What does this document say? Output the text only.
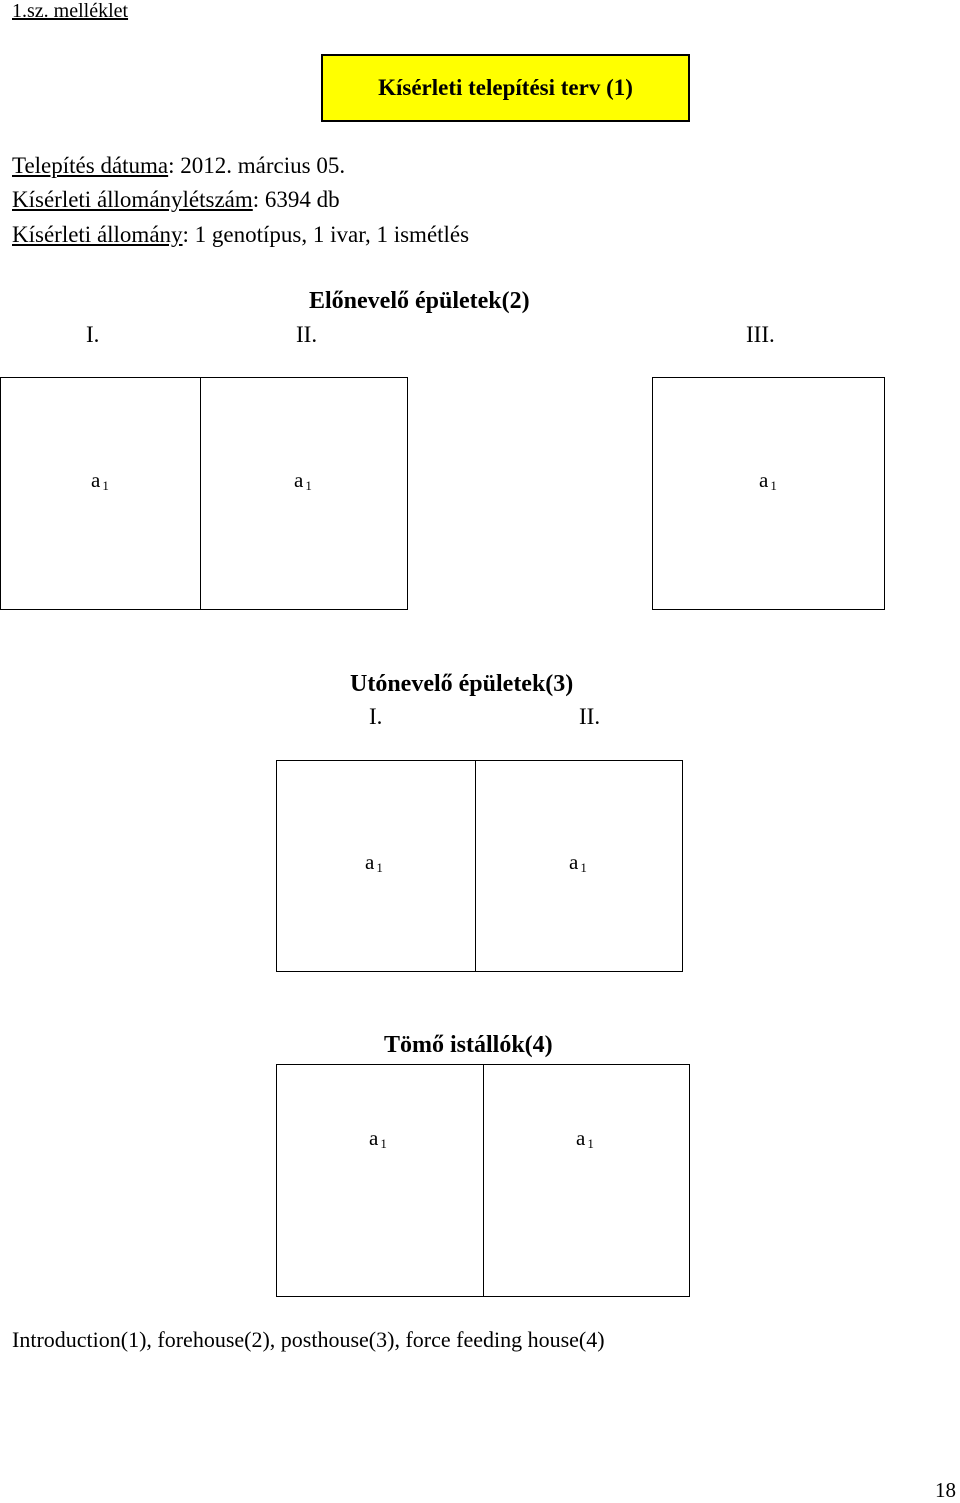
1.sz. melléklet
Kísérleti telepítési terv (1)
Telepítés dátuma: 2012. március 05.
Kísérleti állománylétszám: 6394 db
Kísérleti állomány: 1 genotípus, 1 ivar, 1 ismétlés
Előnevelő épületek(2)
I.	II.	III.
a $_1$	a $_1$	a $_1$
Utónevelő épületek(3)
I.	II.
a $_1$	a $_1$
Tömő istállók(4)
a $_1$	a $_1$
Introduction(1), forehouse(2), posthouse(3), force feeding house(4)
18
